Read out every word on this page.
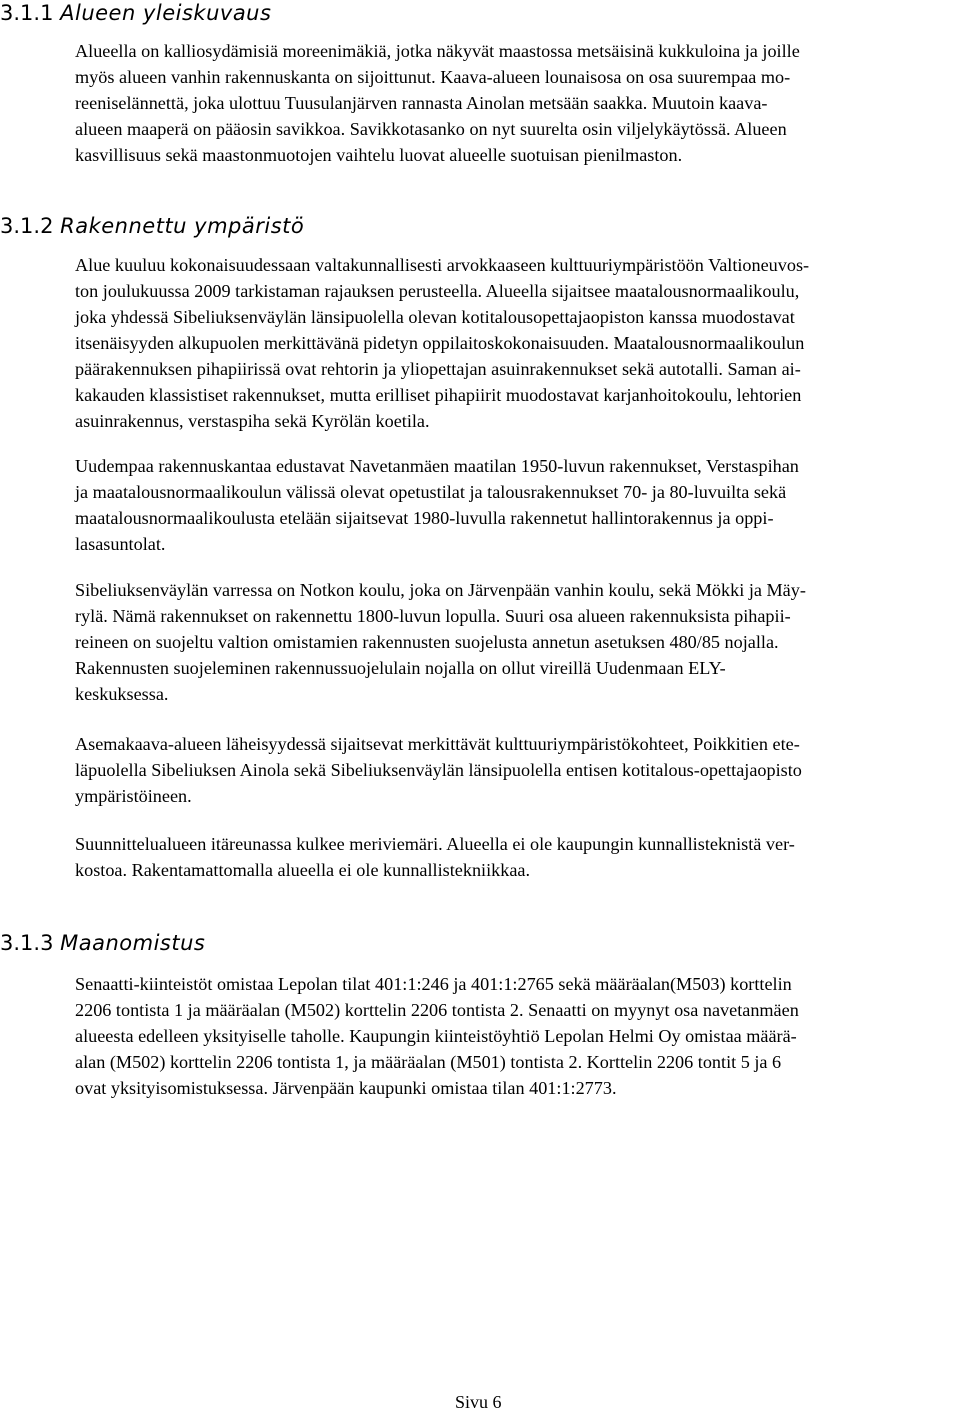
3.1.1 Alueen yleiskuvaus
Alueella on kalliosydämisiä moreenimäkiä, jotka näkyvät maastossa metsäisinä kukkuloina ja joille
myös alueen vanhin rakennuskanta on sijoittunut. Kaava-alueen lounaisosa on osa suurempaa mo-
reeniselännettä, joka ulottuu Tuusulanjärven rannasta Ainolan metsään saakka. Muutoin kaava-
alueen maaperä on pääosin savikkoa. Savikkotasanko on nyt suurelta osin viljelykäytössä. Alueen
kasvillisuus sekä maastonmuotojen vaihtelu luovat alueelle suotuisan pienilmaston.
3.1.2 Rakennettu ympäristö
Alue kuuluu kokonaisuudessaan valtakunnallisesti arvokkaaseen kulttuuriympäristöön Valtioneuvos-
ton joulukuussa 2009 tarkistaman rajauksen perusteella. Alueella sijaitsee maatalousnormaalikoulu,
joka yhdessä Sibeliuksenväylän länsipuolella olevan kotitalousopettajaopiston kanssa muodostavat
itsenäisyyden alkupuolen merkittävänä pidetyn oppilaitoskokonaisuuden. Maatalousnormaalikoulun
päärakennuksen pihapiirissä ovat rehtorin ja yliopettajan asuinrakennukset sekä autotalli. Saman ai-
kakauden klassistiset rakennukset, mutta erilliset pihapiirit muodostavat karjanhoitokoulu, lehtorien
asuinrakennus, verstaspiha sekä Kyrölän koetila.
Uudempaa rakennuskantaa edustavat Navetanmäen maatilan 1950-luvun rakennukset, Verstaspihan
ja maatalousnormaalikoulun välissä olevat opetustilat ja talousrakennukset 70- ja 80-luvuilta sekä
maatalousnormaalikoulusta etelään sijaitsevat 1980-luvulla rakennetut hallintorakennus ja oppi-
lasasuntolat.
Sibeliuksenväylän varressa on Notkon koulu, joka on Järvenpään vanhin koulu, sekä Mökki ja Mäy-
rylä. Nämä rakennukset on rakennettu 1800-luvun lopulla. Suuri osa alueen rakennuksista pihapii-
reineen on suojeltu valtion omistamien rakennusten suojelusta annetun asetuksen 480/85 nojalla.
Rakennusten suojeleminen rakennussuojelulain nojalla on ollut vireillä Uudenmaan ELY-
keskuksessa.
Asemakaava-alueen läheisyydessä sijaitsevat merkittävät kulttuuriympäristökohteet, Poikkitien ete-
läpuolella Sibeliuksen Ainola sekä Sibeliuksenväylän länsipuolella entisen kotitalous-opettajaopisto
ympäristöineen.
Suunnittelualueen itäreunassa kulkee meriviemäri. Alueella ei ole kaupungin kunnallisteknistä ver-
kostoa. Rakentamattomalla alueella ei ole kunnallistekniikkaa.
3.1.3 Maanomistus
Senaatti-kiinteistöt omistaa Lepolan tilat 401:1:246 ja 401:1:2765 sekä määräalan(M503) korttelin
2206 tontista 1 ja määräalan (M502) korttelin 2206 tontista 2. Senaatti on myynyt osa navetanmäen
alueesta edelleen yksityiselle taholle. Kaupungin kiinteistöyhtiö Lepolan Helmi Oy omistaa määrä-
alan (M502) korttelin 2206 tontista 1, ja määräalan (M501) tontista 2. Korttelin 2206 tontit 5 ja 6
ovat yksityisomistuksessa. Järvenpään kaupunki omistaa tilan 401:1:2773.
Sivu 6
